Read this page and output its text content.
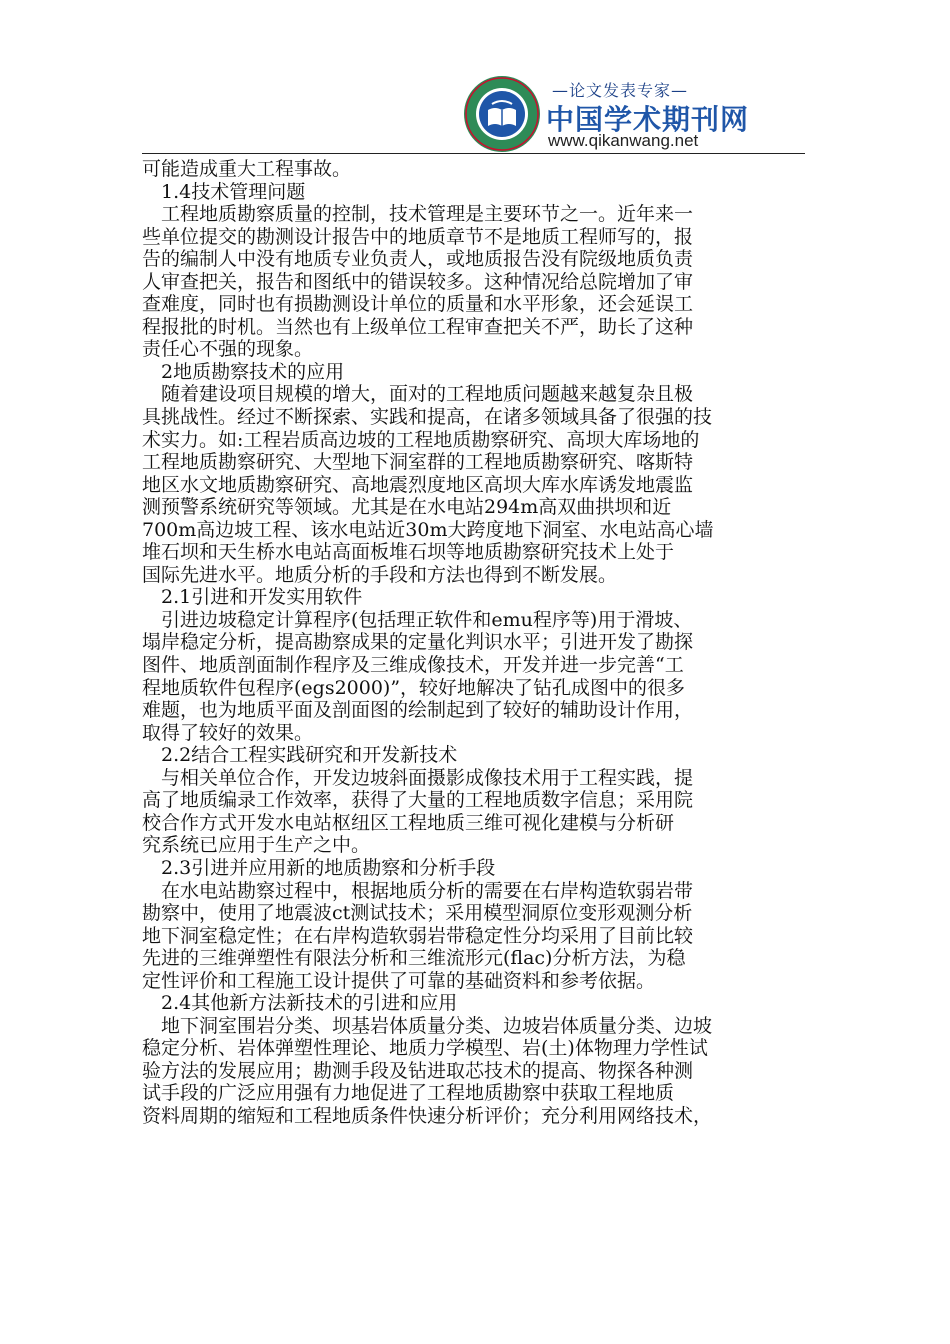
—论文发表专家—
中国学术期刊网
www.qikanwang.net
可能造成重大工程事故。
　1.4技术管理问题
　工程地质勘察质量的控制，技术管理是主要环节之一。近年来一
些单位提交的勘测设计报告中的地质章节不是地质工程师写的，报
告的编制人中没有地质专业负责人，或地质报告没有院级地质负责
人审查把关，报告和图纸中的错误较多。这种情况给总院增加了审
查难度，同时也有损勘测设计单位的质量和水平形象，还会延误工
程报批的时机。当然也有上级单位工程审查把关不严，助长了这种
责任心不强的现象。
　2地质勘察技术的应用
　随着建设项目规模的增大，面对的工程地质问题越来越复杂且极
具挑战性。经过不断探索、实践和提高，在诸多领域具备了很强的技
术实力。如:工程岩质高边坡的工程地质勘察研究、高坝大库场地的
工程地质勘察研究、大型地下洞室群的工程地质勘察研究、喀斯特
地区水文地质勘察研究、高地震烈度地区高坝大库水库诱发地震监
测预警系统研究等领域。尤其是在水电站294m高双曲拱坝和近
700m高边坡工程、该水电站近30m大跨度地下洞室、水电站高心墙
堆石坝和天生桥水电站高面板堆石坝等地质勘察研究技术上处于
国际先进水平。地质分析的手段和方法也得到不断发展。
　2.1引进和开发实用软件
　引进边坡稳定计算程序(包括理正软件和emu程序等)用于滑坡、
塌岸稳定分析，提高勘察成果的定量化判识水平；引进开发了勘探
图件、地质剖面制作程序及三维成像技术，开发并进一步完善“工
程地质软件包程序(egs2000)”，较好地解决了钻孔成图中的很多
难题，也为地质平面及剖面图的绘制起到了较好的辅助设计作用，
取得了较好的效果。
　2.2结合工程实践研究和开发新技术
　与相关单位合作，开发边坡斜面摄影成像技术用于工程实践，提
高了地质编录工作效率，获得了大量的工程地质数字信息；采用院
校合作方式开发水电站枢纽区工程地质三维可视化建模与分析研
究系统已应用于生产之中。
　2.3引进并应用新的地质勘察和分析手段
　在水电站勘察过程中，根据地质分析的需要在右岸构造软弱岩带
勘察中，使用了地震波ct测试技术；采用模型洞原位变形观测分析
地下洞室稳定性；在右岸构造软弱岩带稳定性分均采用了目前比较
先进的三维弹塑性有限法分析和三维流形元(flac)分析方法，为稳
定性评价和工程施工设计提供了可靠的基础资料和参考依据。
　2.4其他新方法新技术的引进和应用
　地下洞室围岩分类、坝基岩体质量分类、边坡岩体质量分类、边坡
稳定分析、岩体弹塑性理论、地质力学模型、岩(土)体物理力学性试
验方法的发展应用；勘测手段及钻进取芯技术的提高、物探各种测
试手段的广泛应用强有力地促进了工程地质勘察中获取工程地质
资料周期的缩短和工程地质条件快速分析评价；充分利用网络技术，
